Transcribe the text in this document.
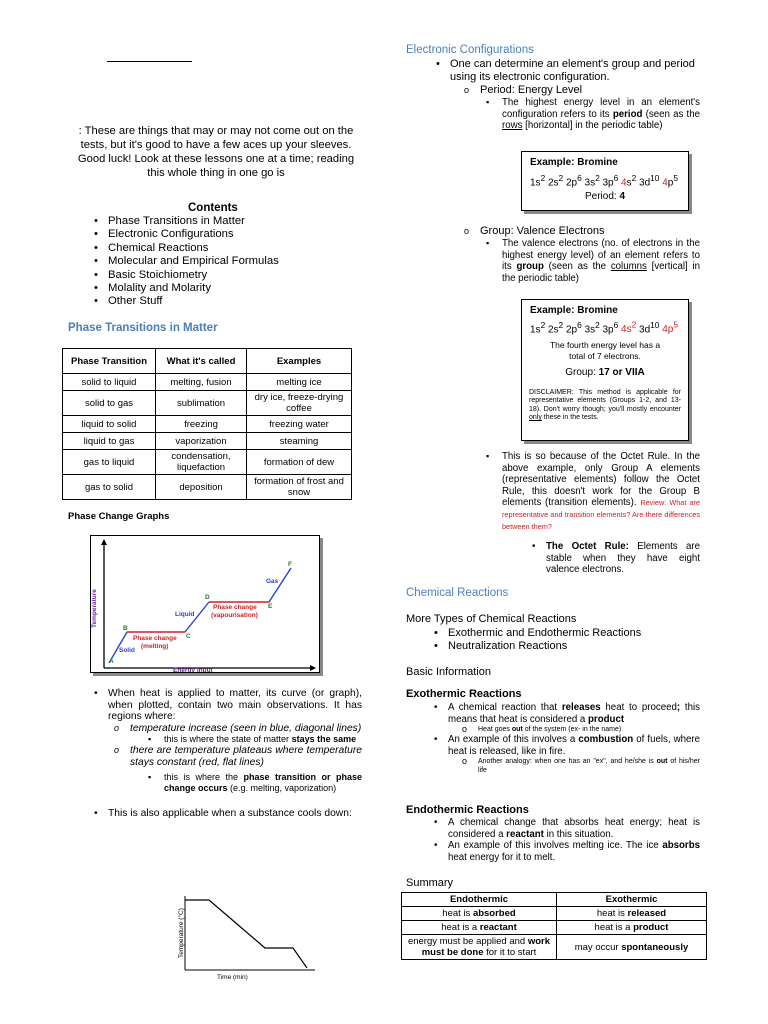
: These are things that may or may not come out on the tests, but it's good to have a few aces up your sleeves. Good luck! Look at these lessons one at a time; reading this whole thing in one go is
Contents
• Phase Transitions in Matter
• Electronic Configurations
• Chemical Reactions
• Molecular and Empirical Formulas
• Basic Stoichiometry
• Molality and Molarity
• Other Stuff
Phase Transitions in Matter
Phase Transition	What it's called	Examples
solid to liquid	melting, fusion	melting ice
solid to gas	sublimation	dry ice, freeze-drying coffee
liquid to solid	freezing	freezing water
liquid to gas	vaporization	steaming
gas to liquid	condensation, liquefaction	formation of dew
gas to solid	deposition	formation of frost and snow
Phase Change Graphs
Temperature
Energy Input
A
B
C
D
E
F
Solid
Liquid
Gas
Phase change
(melting)
Phase change
(vapourisation)
• When heat is applied to matter, its curve (or graph), when plotted, contain two main observations. It has regions where:
o temperature increase (seen in blue, diagonal lines)
▪ this is where the state of matter stays the same
o there are temperature plateaus where temperature stays constant (red, flat lines)
▪ this is where the phase transition or phase change occurs (e.g. melting, vaporization)
• This is also applicable when a substance cools down:
Temperature (°C)
Time (min)
Electronic Configurations
• One can determine an element's group and period using its electronic configuration.
o Period: Energy Level
▪ The highest energy level in an element's configuration refers to its period (seen as the rows [horizontal] in the periodic table)
Example: Bromine
$1s^2$ $2s^2$ $2p^6$ $3s^2$ $3p^6$ $4s^2$ $3d^{10}$ $4p^5$
Period: 4
o Group: Valence Electrons
▪ The valence electrons (no. of electrons in the highest energy level) of an element refers to its group (seen as the columns [vertical] in the periodic table)
Example: Bromine
$1s^2$ $2s^2$ $2p^6$ $3s^2$ $3p^6$ $4s^2$ $3d^{10}$ $4p^5$
The fourth energy level has a total of 7 electrons.
Group: 17 or VIIA
DISCLAIMER: This method is applicable for representative elements (Groups 1-2, and 13-18). Don't worry though; you'll mostly encounter only these in the tests.
▪ This is so because of the Octet Rule. In the above example, only Group A elements (representative elements) follow the Octet Rule, this doesn't work for the Group B elements (transition elements). Review: What are representative and transition elements? Are there differences between them?
• The Octet Rule: Elements are stable when they have eight valence electrons.
Chemical Reactions
More Types of Chemical Reactions
• Exothermic and Endothermic Reactions
• Neutralization Reactions
Basic Information
Exothermic Reactions
• A chemical reaction that releases heat to proceed; this means that heat is considered a product
o Heat goes out of the system (ex- in the name)
• An example of this involves a combustion of fuels, where heat is released, like in fire.
o Another analogy: when one has an "ex", and he/she is out of his/her life
Endothermic Reactions
• A chemical change that absorbs heat energy; heat is considered a reactant in this situation.
• An example of this involves melting ice. The ice absorbs heat energy for it to melt.
Summary
Endothermic	Exothermic
heat is absorbed	heat is released
heat is a reactant	heat is a product
energy must be applied and work must be done for it to start	may occur spontaneously
